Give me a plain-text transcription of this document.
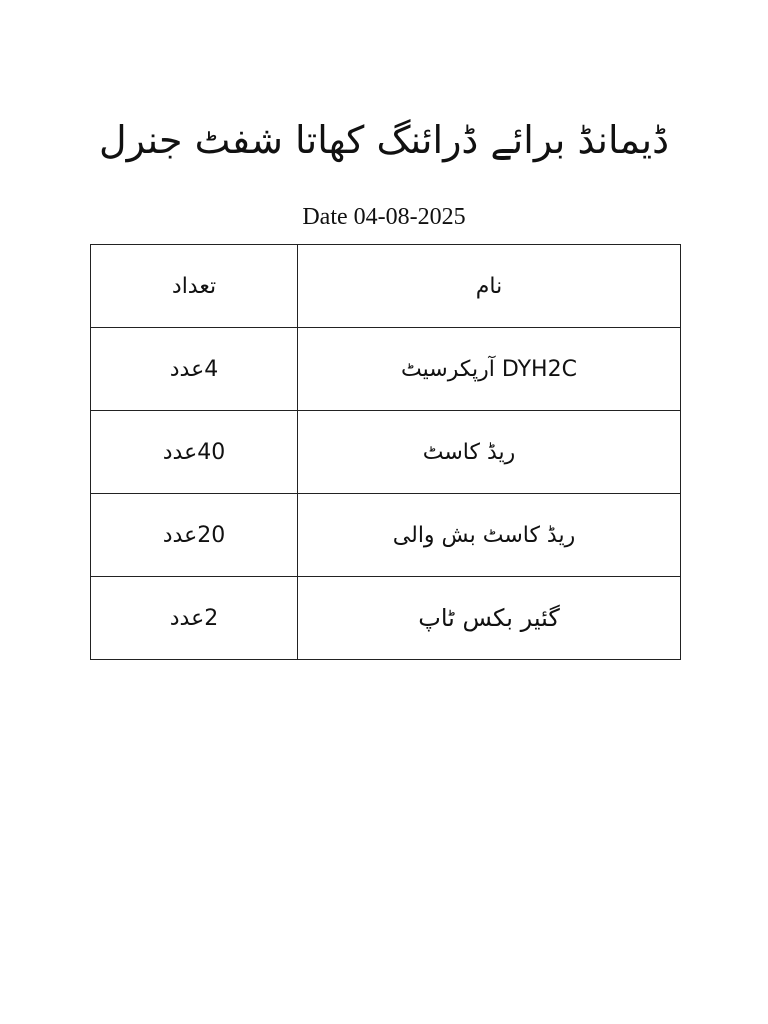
ڈیمانڈ برائے ڈرائنگ کھاتا شفٹ جنرل
Date 04-08-2025
تعداد	نام
4عدد	DYH2C آرپکرسیٹ
40عدد	ریڈ کاسٹ
20عدد	ریڈ کاسٹ بش والی
2عدد	گئیر بکس ٹاپ
